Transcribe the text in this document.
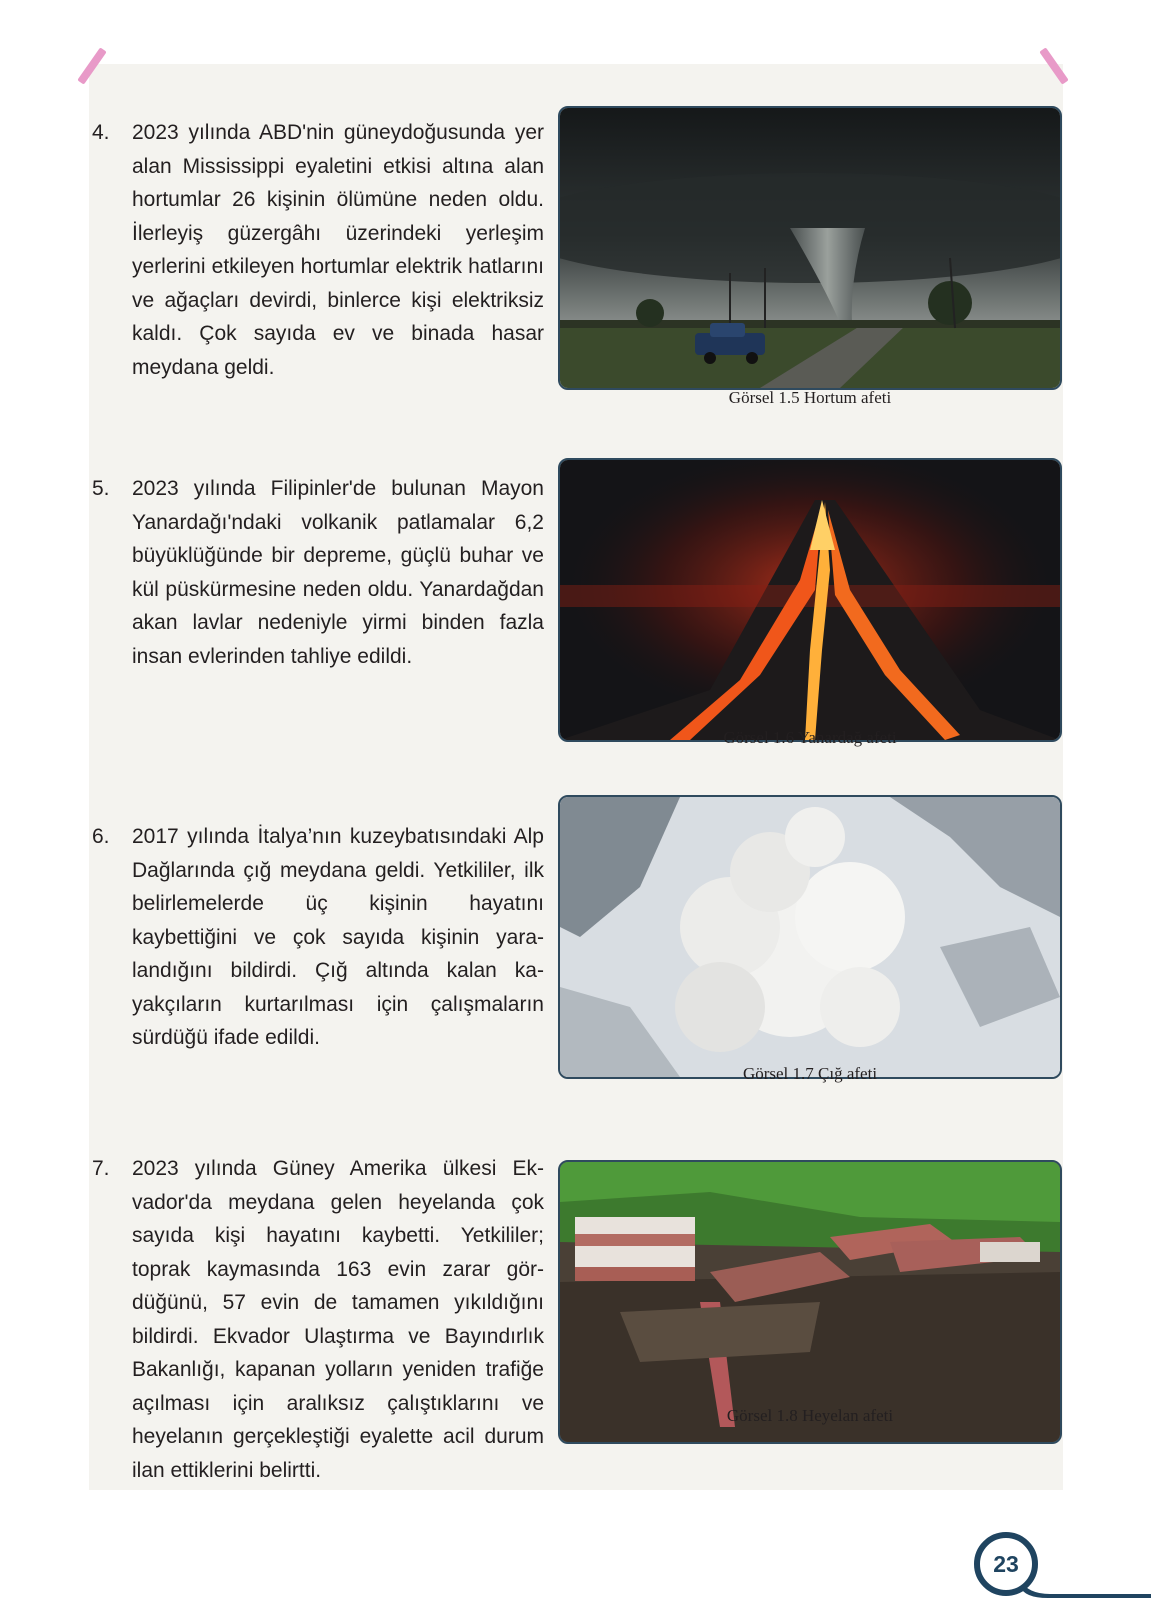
4. 2023 yılında ABD'nin güneydoğusunda yer alan Mississippi eyaletini etkisi altına alan hortumlar 26 kişinin ölümüne neden oldu. İlerleyiş güzergâhı üzerindeki yerleşim yerlerini etkileyen hortumlar elektrik hatlarını ve ağaçları devirdi, binlerce kişi elektriksiz kaldı. Çok sayıda ev ve binada hasar meydana geldi.
Görsel 1.5 Hortum afeti
5. 2023 yılında Filipinler'de bulunan Mayon Yanardağı'ndaki volkanik patlamalar 6,2 büyüklüğünde bir depreme, güçlü buhar ve kül püskürmesine neden oldu. Yanardağdan akan lavlar nedeniyle yirmi binden fazla insan evlerinden tahliye edildi.
Görsel 1.6 Yanardağ afeti
6. 2017 yılında İtalya’nın kuzeybatısındaki Alp Dağlarında çığ meydana geldi. Yetkililer, ilk belirlemelerde üç kişinin hayatını kaybettiğini ve çok sayıda kişinin yaralandığını bildirdi. Çığ altında kalan kayakçıların kurtarılması için çalışmaların sürdüğü ifade edildi.
Görsel 1.7 Çığ afeti
7. 2023 yılında Güney Amerika ülkesi Ekvador'da meydana gelen heyelanda çok sayıda kişi hayatını kaybetti. Yetkililer; toprak kaymasında 163 evin zarar gördüğünü, 57 evin de tamamen yıkıldığını bildirdi. Ekvador Ulaştırma ve Bayındırlık Bakanlığı, kapanan yolların yeniden trafiğe açılması için aralıksız çalıştıklarını ve heyelanın gerçekleştiği eyalette acil durum ilan ettiklerini belirtti.
Görsel 1.8 Heyelan afeti
23
